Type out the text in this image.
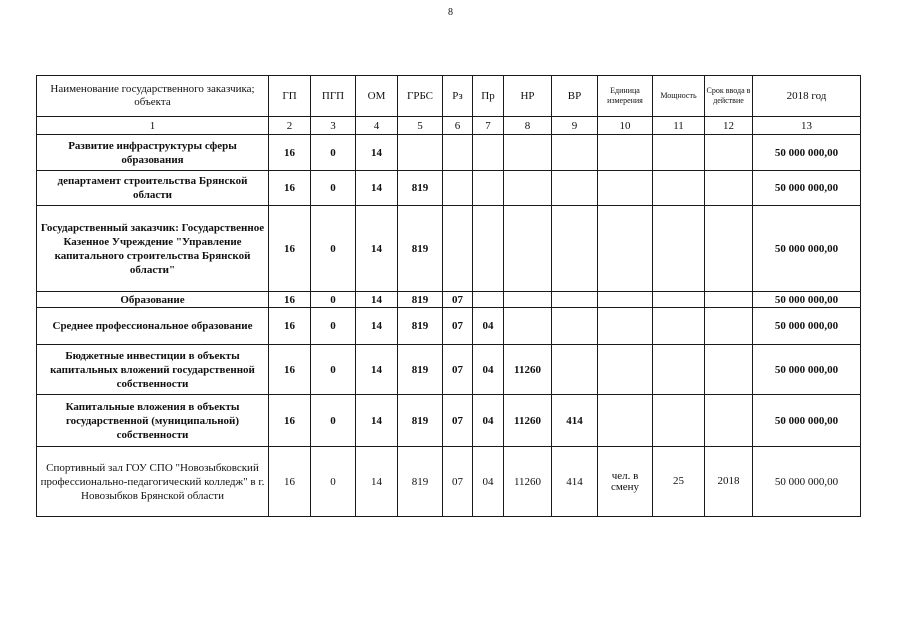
8
Наименование государственного заказчика; объекта	ГП	ПГП	ОМ	ГРБС	Рз	Пр	НР	ВР	Единица измерения	Мощность	Срок ввода в действие	2018 год
1	2	3	4	5	6	7	8	9	10	11	12	13
Развитие инфраструктуры сферы образования	16	0	14									50 000 000,00
департамент строительства Брянской области	16	0	14	819								50 000 000,00
Государственный заказчик: Государственное Казенное Учреждение "Управление капитального строительства Брянской области"	16	0	14	819								50 000 000,00
Образование	16	0	14	819	07							50 000 000,00
Среднее профессиональное образование	16	0	14	819	07	04						50 000 000,00
Бюджетные инвестиции в объекты капитальных вложений государственной собственности	16	0	14	819	07	04	11260					50 000 000,00
Капитальные вложения в объекты государственной (муниципальной) собственности	16	0	14	819	07	04	11260	414				50 000 000,00
Спортивный зал ГОУ СПО "Новозыбковский профессионально-педагогический колледж" в г. Новозыбков Брянской области	16	0	14	819	07	04	11260	414	чел. в смену	25	2018	50 000 000,00
